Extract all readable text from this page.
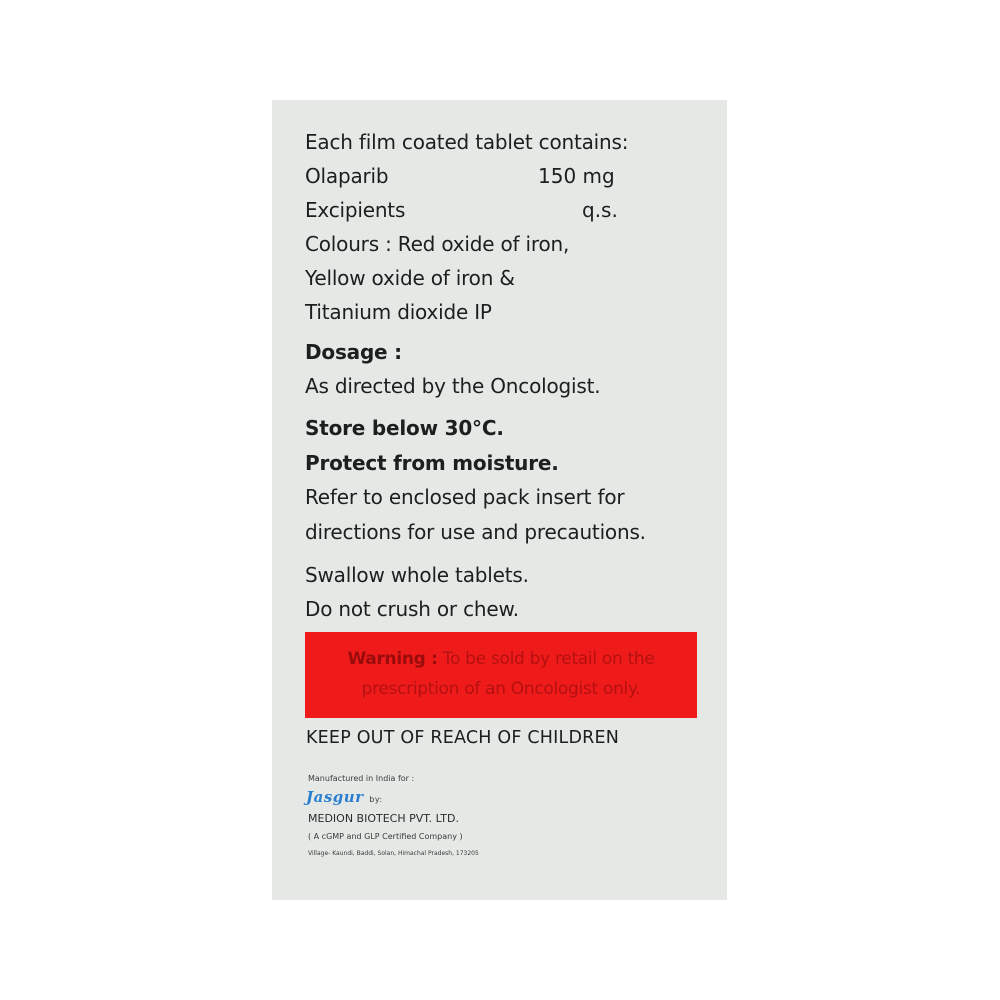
Each film coated tablet contains:
Olaparib	150 mg
Excipients	q.s.
Colours : Red oxide of iron,
Yellow oxide of iron &
Titanium dioxide IP
Dosage :
As directed by the Oncologist.
Store below 30°C.
Protect from moisture.
Refer to enclosed pack insert for
directions for use and precautions.
Swallow whole tablets.
Do not crush or chew.
Warning : To be sold by retail on the
prescription of an Oncologist only.
KEEP OUT OF REACH OF CHILDREN
Manufactured in India for :
Jasgur by:
MEDION BIOTECH PVT. LTD.
( A cGMP and GLP Certified Company )
Village- Kaundi, Baddi, Solan, Himachal Pradesh, 173205
